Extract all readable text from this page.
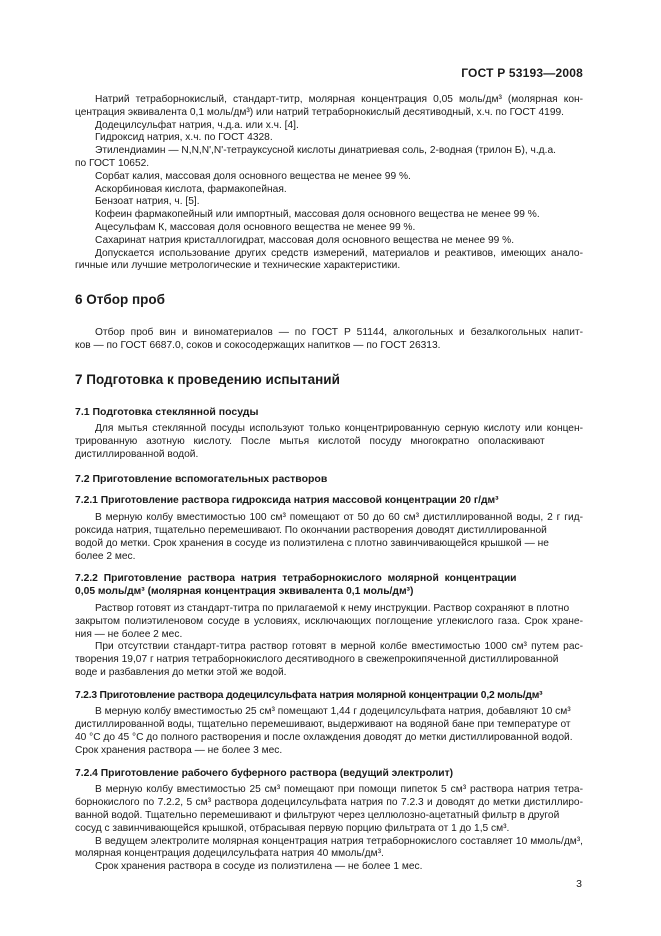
ГОСТ Р 53193—2008

Натрий тетраборнокислый, стандарт-титр, молярная концентрация 0,05 моль/дм³ (молярная кон-

центрация эквивалента 0,1 моль/дм³) или натрий тетраборнокислый десятиводный, х.ч. по ГОСТ 4199.

Додецилсульфат натрия, ч.д.а. или х.ч. [4].

Гидроксид натрия, х.ч. по ГОСТ 4328.

Этилендиамин — N,N,N',N'-тетрауксусной кислоты динатриевая соль, 2-водная (трилон Б), ч.д.а.

по ГОСТ 10652.

Сорбат калия, массовая доля основного вещества не менее 99 %.

Аскорбиновая кислота, фармакопейная.

Бензоат натрия, ч. [5].

Кофеин фармакопейный или импортный, массовая доля основного вещества не менее 99 %.

Ацесульфам К, массовая доля основного вещества не менее 99 %.

Сахаринат натрия кристаллогидрат, массовая доля основного вещества не менее 99 %.

Допускается использование других средств измерений, материалов и реактивов, имеющих анало-

гичные или лучшие метрологические и технические характеристики.

6 Отбор проб

Отбор проб вин и виноматериалов — по ГОСТ Р 51144, алкогольных и безалкогольных напит-

ков — по ГОСТ 6687.0, соков и сокосодержащих напитков — по ГОСТ 26313.

7 Подготовка к проведению испытаний

7.1 Подготовка стеклянной посуды

Для мытья стеклянной посуды используют только концентрированную серную кислоту или концен-

трированную азотную кислоту. После мытья кислотой посуду многократно ополаскивают

дистиллированной водой.

7.2 Приготовление вспомогательных растворов

7.2.1 Приготовление раствора гидроксида натрия массовой концентрации 20 г/дм³

В мерную колбу вместимостью 100 см³ помещают от 50 до 60 см³ дистиллированной воды, 2 г гид-

роксида натрия, тщательно перемешивают. По окончании растворения доводят дистиллированной

водой до метки. Срок хранения в сосуде из полиэтилена с плотно завинчивающейся крышкой — не

более 2 мес.

7.2.2 Приготовление раствора натрия тетраборнокислого молярной концентрации

0,05 моль/дм³ (молярная концентрация эквивалента 0,1 моль/дм³)

Раствор готовят из стандарт-титра по прилагаемой к нему инструкции. Раствор сохраняют в плотно

закрытом полиэтиленовом сосуде в условиях, исключающих поглощение углекислого газа. Срок хране-

ния — не более 2 мес.

При отсутствии стандарт-титра раствор готовят в мерной колбе вместимостью 1000 см³ путем рас-

творения 19,07 г натрия тетраборнокислого десятиводного в свежепрокипяченной дистиллированной

воде и разбавления до метки этой же водой.

7.2.3 Приготовление раствора додецилсульфата натрия молярной концентрации 0,2 моль/дм³

В мерную колбу вместимостью 25 см³ помещают 1,44 г додецилсульфата натрия, добавляют 10 см³

дистиллированной воды, тщательно перемешивают, выдерживают на водяной бане при температуре от

40 °С до 45 °С до полного растворения и после охлаждения доводят до метки дистиллированной водой.

Срок хранения раствора — не более 3 мес.

7.2.4 Приготовление рабочего буферного раствора (ведущий электролит)

В мерную колбу вместимостью 25 см³ помещают при помощи пипеток 5 см³ раствора натрия тетра-

борнокислого по 7.2.2, 5 см³ раствора додецилсульфата натрия по 7.2.3 и доводят до метки дистиллиро-

ванной водой. Тщательно перемешивают и фильтруют через целлюлозно-ацетатный фильтр в другой

сосуд с завинчивающейся крышкой, отбрасывая первую порцию фильтрата от 1 до 1,5 см³.

В ведущем электролите молярная концентрация натрия тетраборнокислого составляет 10 ммоль/дм³,

молярная концентрация додецилсульфата натрия 40 ммоль/дм³.

Срок хранения раствора в сосуде из полиэтилена — не более 1 мес.

3
